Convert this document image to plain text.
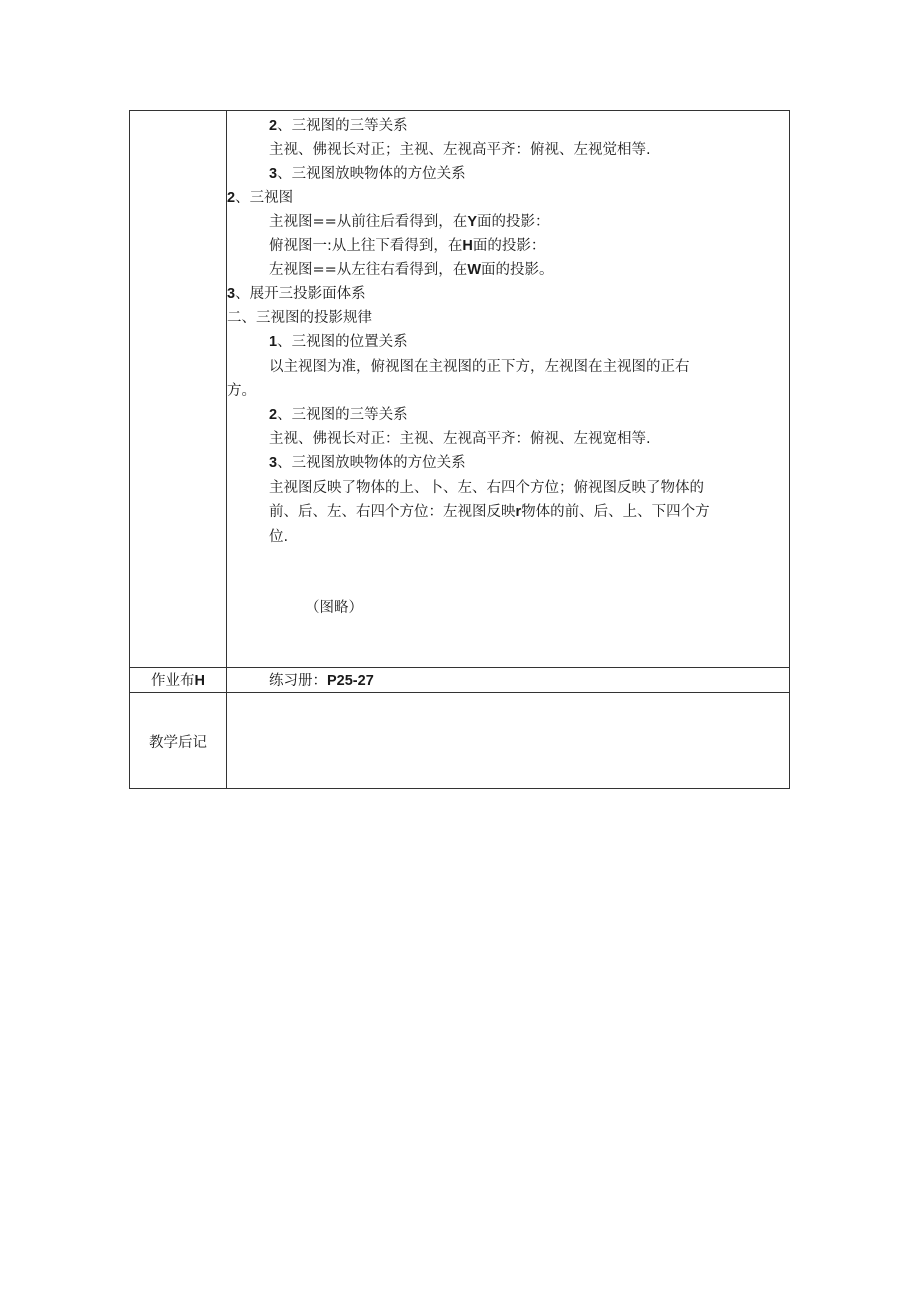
2、三视图的三等关系
主视、佛视长对正；主视、左视高平齐：俯视、左视觉相等.
3、三视图放映物体的方位关系
2、三视图
主视图==从前往后看得到，在Y面的投影：
俯视图一:从上往下看得到，在H面的投影：
左视图==从左往右看得到，在W面的投影。
3、展开三投影面体系
二、三视图的投影规律
1、三视图的位置关系
以主视图为准，俯视图在主视图的正下方，左视图在主视图的正右
方。
2、三视图的三等关系
主视、佛视长对正：主视、左视高平齐：俯视、左视宽相等.
3、三视图放映物体的方位关系
主视图反映了物体的上、卜、左、右四个方位；俯视图反映了物体的
前、后、左、右四个方位：左视图反映r物体的前、后、上、下四个方
位.
（图略）
作业布H	练习册：P25-27
教学后记
